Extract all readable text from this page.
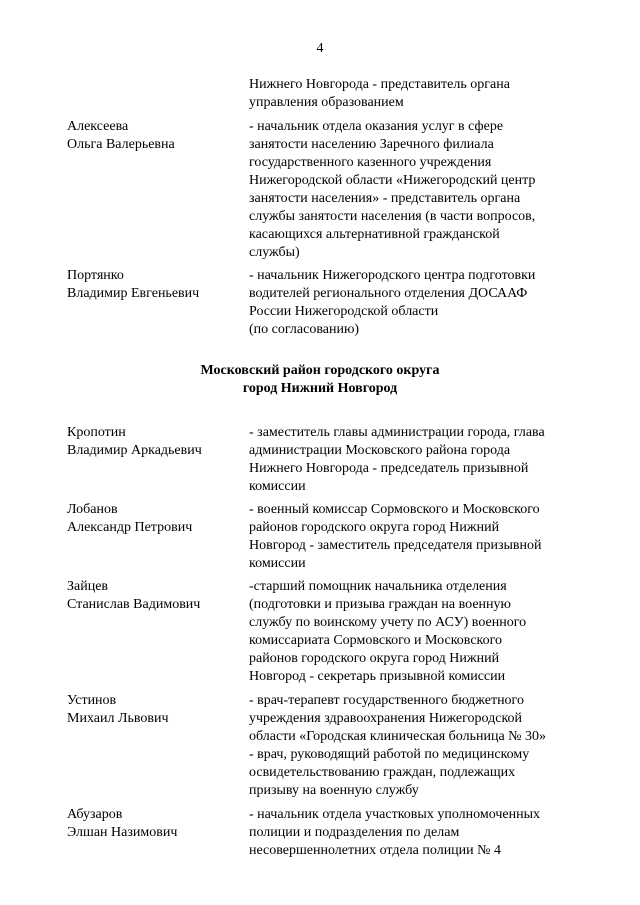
4
Нижнего Новгорода - представитель органа
управления образованием
Алексеева
Ольга Валерьевна
- начальник отдела оказания услуг в сфере
занятости населению Заречного филиала
государственного казенного учреждения
Нижегородской области «Нижегородский центр
занятости населения» - представитель органа
службы занятости населения (в части вопросов,
касающихся альтернативной гражданской
службы)
Портянко
Владимир Евгеньевич
- начальник Нижегородского центра подготовки
водителей регионального отделения ДОСААФ
России Нижегородской области
(по согласованию)
Московский район городского округа
город Нижний Новгород
Кропотин
Владимир Аркадьевич
- заместитель главы администрации города, глава
администрации Московского района города
Нижнего Новгорода - председатель призывной
комиссии
Лобанов
Александр Петрович
- военный комиссар Сормовского и Московского
районов городского округа город Нижний
Новгород - заместитель председателя призывной
комиссии
Зайцев
Станислав Вадимович
-старший помощник начальника отделения
(подготовки и призыва граждан на военную
службу по воинскому учету по АСУ) военного
комиссариата Сормовского и Московского
районов городского округа город Нижний
Новгород - секретарь призывной комиссии
Устинов
Михаил Львович
- врач-терапевт государственного бюджетного
учреждения здравоохранения Нижегородской
области «Городская клиническая больница № 30»
- врач, руководящий работой по медицинскому
освидетельствованию граждан, подлежащих
призыву на военную службу
Абузаров
Элшан Назимович
- начальник отдела участковых уполномоченных
полиции и подразделения по делам
несовершеннолетних отдела полиции № 4
